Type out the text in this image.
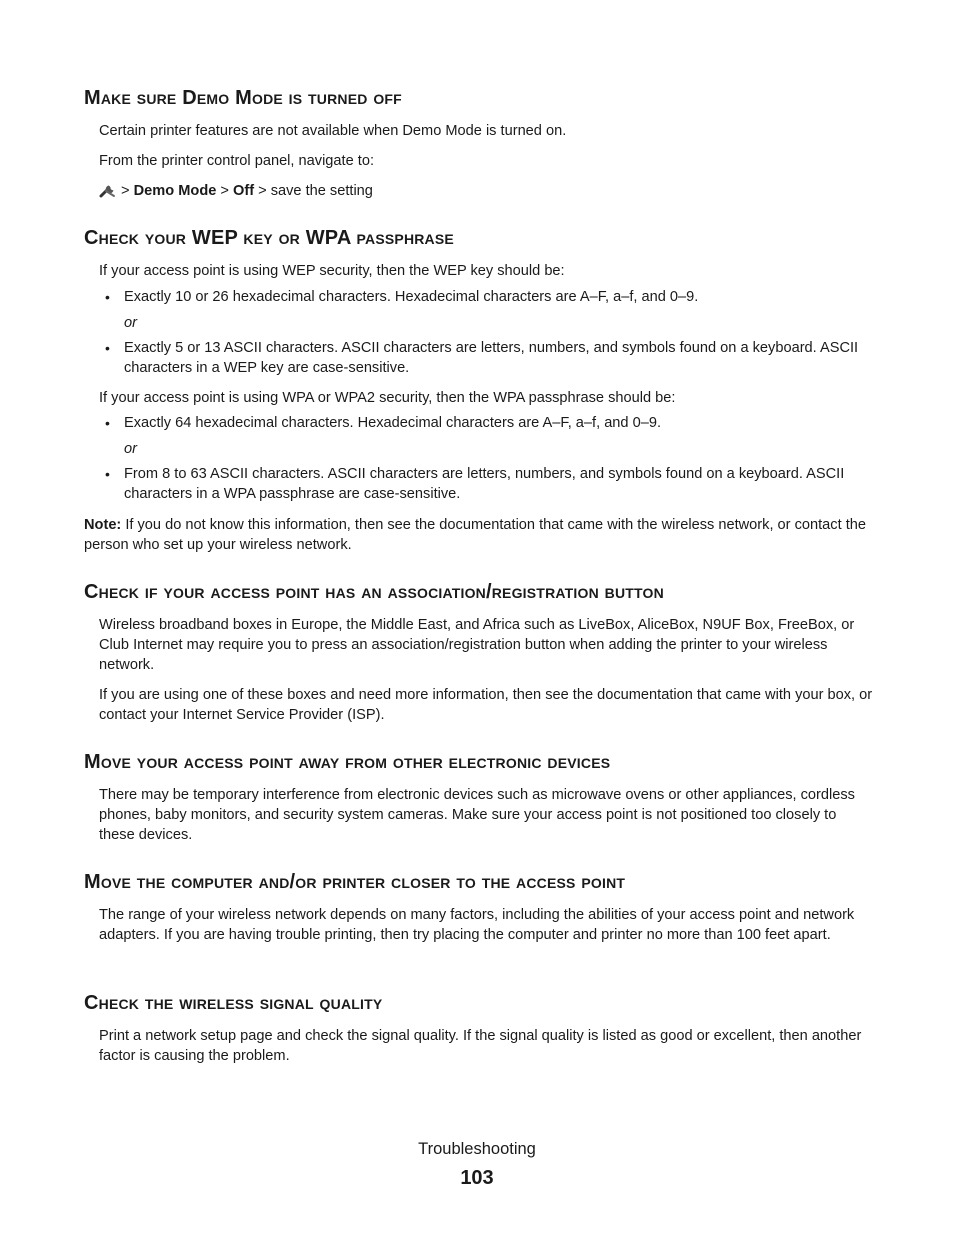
Make sure Demo Mode is turned off

Certain printer features are not available when Demo Mode is turned on.

From the printer control panel, navigate to:

> Demo Mode > Off > save the setting

Check your WEP key or WPA passphrase

If your access point is using WEP security, then the WEP key should be:

• Exactly 10 or 26 hexadecimal characters. Hexadecimal characters are A–F, a–f, and 0–9.

or

• Exactly 5 or 13 ASCII characters. ASCII characters are letters, numbers, and symbols found on a keyboard. ASCII characters in a WEP key are case-sensitive.

If your access point is using WPA or WPA2 security, then the WPA passphrase should be:

• Exactly 64 hexadecimal characters. Hexadecimal characters are A–F, a–f, and 0–9.

or

• From 8 to 63 ASCII characters. ASCII characters are letters, numbers, and symbols found on a keyboard. ASCII characters in a WPA passphrase are case-sensitive.

Note: If you do not know this information, then see the documentation that came with the wireless network, or contact the person who set up your wireless network.

Check if your access point has an association/registration button

Wireless broadband boxes in Europe, the Middle East, and Africa such as LiveBox, AliceBox, N9UF Box, FreeBox, or Club Internet may require you to press an association/registration button when adding the printer to your wireless network.

If you are using one of these boxes and need more information, then see the documentation that came with your box, or contact your Internet Service Provider (ISP).

Move your access point away from other electronic devices

There may be temporary interference from electronic devices such as microwave ovens or other appliances, cordless phones, baby monitors, and security system cameras. Make sure your access point is not positioned too closely to these devices.

Move the computer and/or printer closer to the access point

The range of your wireless network depends on many factors, including the abilities of your access point and network adapters. If you are having trouble printing, then try placing the computer and printer no more than 100 feet apart.

Check the wireless signal quality

Print a network setup page and check the signal quality. If the signal quality is listed as good or excellent, then another factor is causing the problem.

Troubleshooting
103
